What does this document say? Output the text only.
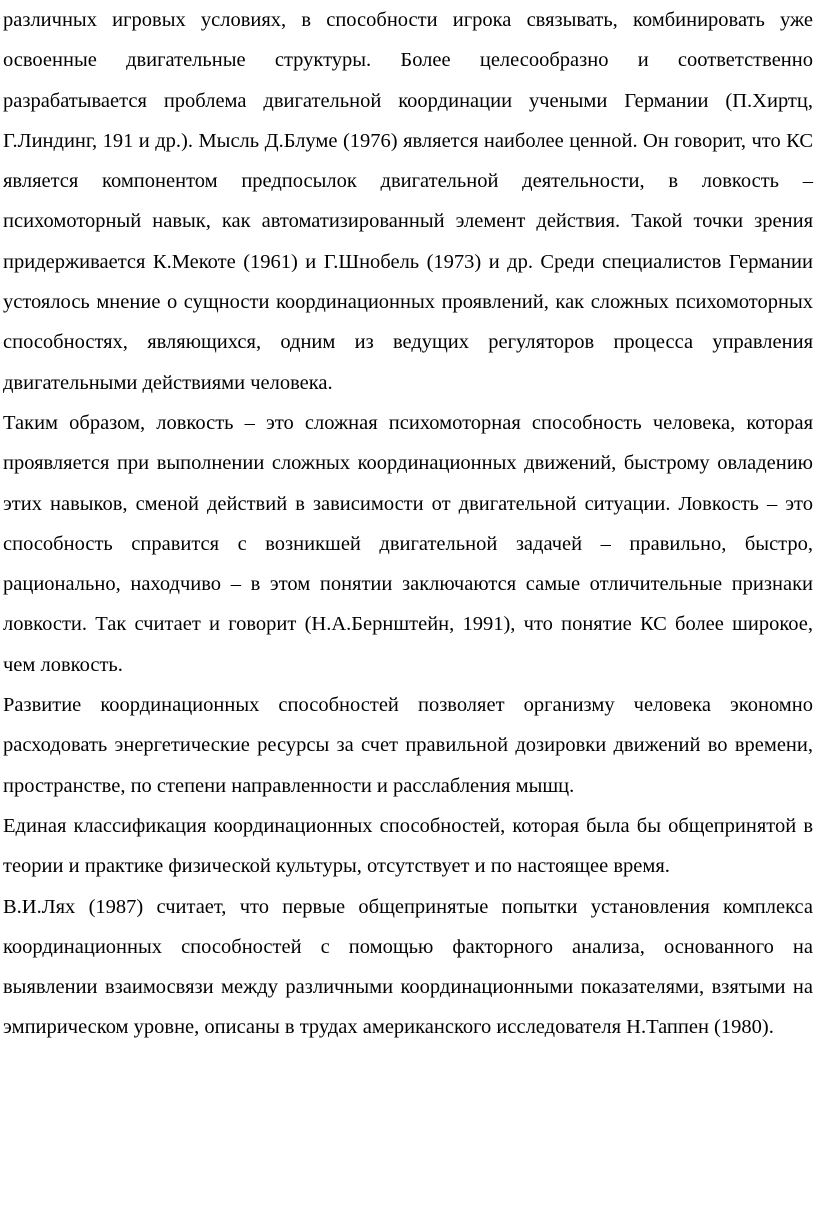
различных игровых условиях, в способности игрока связывать, комбинировать уже освоенные двигательные структуры. Более целесообразно и соответственно разрабатывается проблема двигательной координации учеными Германии (П.Хиртц, Г.Линдинг, 191 и др.). Мысль Д.Блуме (1976) является наиболее ценной. Он говорит, что КС является компонентом предпосылок двигательной деятельности, в ловкость – психомоторный навык, как автоматизированный элемент действия. Такой точки зрения придерживается К.Мекоте (1961) и Г.Шнобель (1973) и др. Среди специалистов Германии устоялось мнение о сущности координационных проявлений, как сложных психомоторных способностях, являющихся, одним из ведущих регуляторов процесса управления двигательными действиями человека.

Таким образом, ловкость – это сложная психомоторная способность человека, которая проявляется при выполнении сложных координационных движений, быстрому овладению этих навыков, сменой действий в зависимости от двигательной ситуации. Ловкость – это способность справится с возникшей двигательной задачей – правильно, быстро, рационально, находчиво – в этом понятии заключаются самые отличительные признаки ловкости. Так считает и говорит (Н.А.Бернштейн, 1991), что понятие КС более широкое, чем ловкость.

Развитие координационных способностей позволяет организму человека экономно расходовать энергетические ресурсы за счет правильной дозировки движений во времени, пространстве, по степени направленности и расслабления мышц.

Единая классификация координационных способностей, которая была бы общепринятой в теории и практике физической культуры, отсутствует и по настоящее время.

В.И.Лях (1987) считает, что первые общепринятые попытки установления комплекса координационных способностей с помощью факторного анализа, основанного на выявлении взаимосвязи между различными координационными показателями, взятыми на эмпирическом уровне, описаны в трудах американского исследователя Н.Таппен (1980).
